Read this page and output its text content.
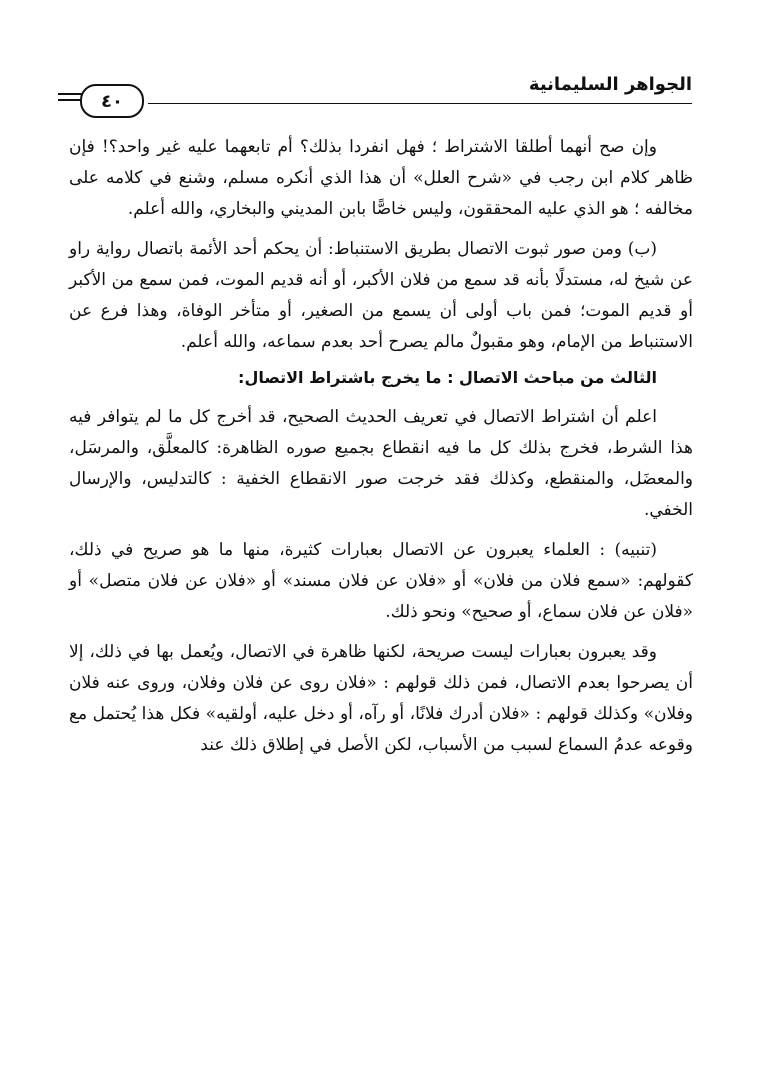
الجواهر السليمانية
٤٠

وإن صح أنهما أطلقا الاشتراط ؛ فهل انفردا بذلك؟ أم تابعهما عليه غير واحد؟! فإن ظاهر كلام ابن رجب في «شرح العلل» أن هذا الذي أنكره مسلم، وشنع في كلامه على مخالفه ؛ هو الذي عليه المحققون، وليس خاصًّا بابن المديني والبخاري، والله أعلم.

(ب) ومن صور ثبوت الاتصال بطريق الاستنباط: أن يحكم أحد الأئمة باتصال رواية راو عن شيخ له، مستدلًا بأنه قد سمع من فلان الأكبر، أو أنه قديم الموت، فمن سمع من الأكبر أو قديم الموت؛ فمن باب أولى أن يسمع من الصغير، أو متأخر الوفاة، وهذا فرع عن الاستنباط من الإمام، وهو مقبولٌ مالم يصرح أحد بعدم سماعه، والله أعلم.

الثالث من مباحث الاتصال : ما يخرج باشتراط الاتصال:

اعلم أن اشتراط الاتصال في تعريف الحديث الصحيح، قد أخرج كل ما لم يتوافر فيه هذا الشرط، فخرج بذلك كل ما فيه انقطاع بجميع صوره الظاهرة: كالمعلَّق، والمرسَل، والمعضَل، والمنقطع، وكذلك فقد خرجت صور الانقطاع الخفية : كالتدليس، والإرسال الخفي.

(تنبيه) : العلماء يعبرون عن الاتصال بعبارات كثيرة، منها ما هو صريح في ذلك، كقولهم: «سمع فلان من فلان» أو «فلان عن فلان مسند» أو «فلان عن فلان متصل» أو «فلان عن فلان سماع، أو صحيح» ونحو ذلك.

وقد يعبرون بعبارات ليست صريحة، لكنها ظاهرة في الاتصال، ويُعمل بها في ذلك، إلا أن يصرحوا بعدم الاتصال، فمن ذلك قولهم : «فلان روى عن فلان وفلان، وروى عنه فلان وفلان» وكذلك قولهم : «فلان أدرك فلانًا، أو رآه، أو دخل عليه، أولقيه» فكل هذا يُحتمل مع وقوعه عدمُ السماع لسبب من الأسباب، لكن الأصل في إطلاق ذلك عند
